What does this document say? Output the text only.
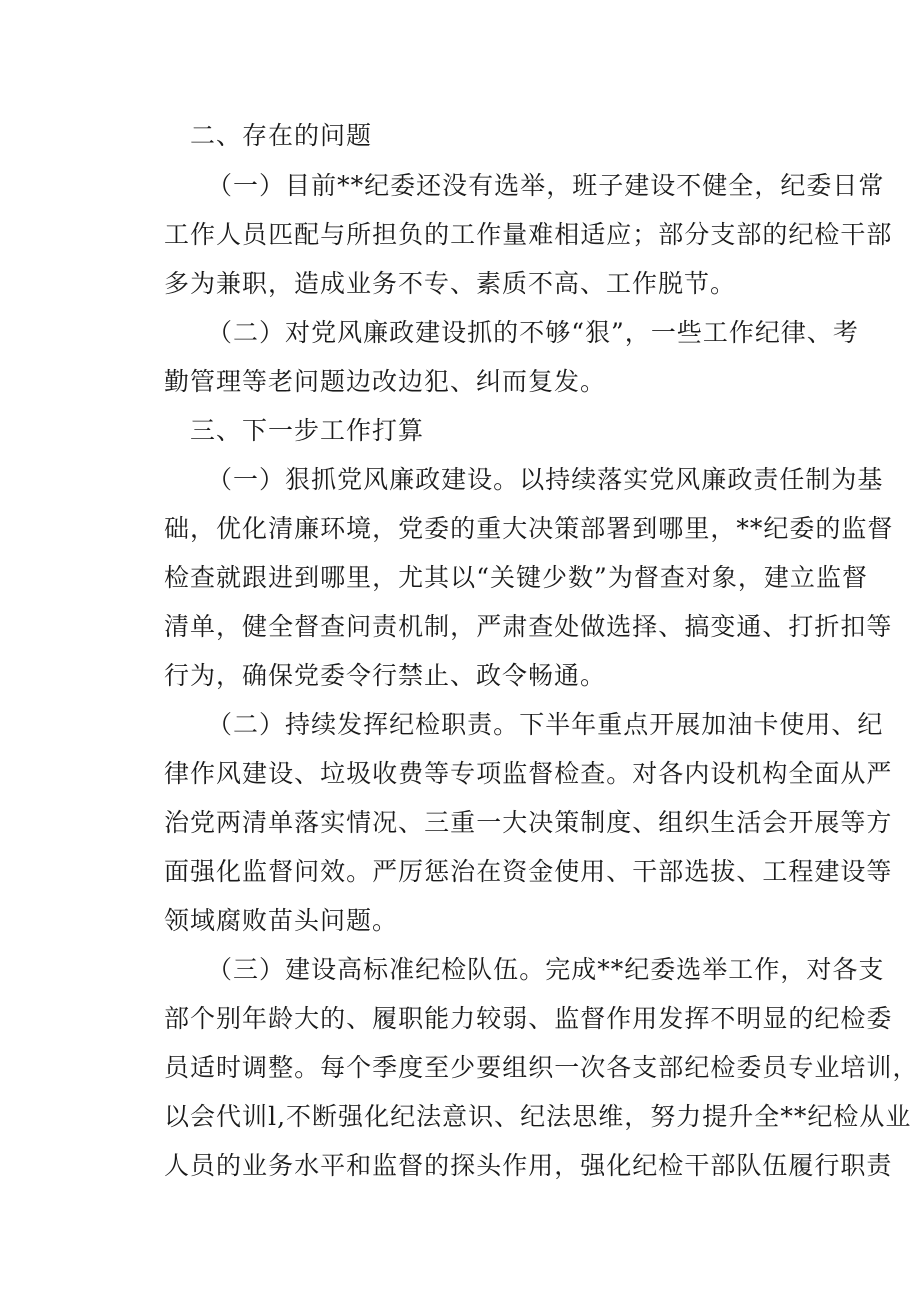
二、存在的问题
（ 一 ） 目 前 * * 纪 委 还 没 有 选 举 ， 班 子 建 设 不 健 全 ， 纪 委 日 常
工 作 人 员 匹 配 与 所 担 负 的 工 作 量 难 相 适 应 ； 部 分 支 部 的 纪 检 干 部
多为兼职，造成业务不专、素质不高、工作脱节。
（ 二 ） 对 党 风 廉 政 建 设 抓 的 不 够 “ 狠 ” ， 一 些 工 作 纪 律 、 考
勤管理等老问题边改边犯、纠而复发。
三、下一步工作打算
（ 一 ） 狠 抓 党 风 廉 政 建 设 。 以 持 续 落 实 党 风 廉 政 责 任 制 为 基
础 ， 优 化 清 廉 环 境 ， 党 委 的 重 大 决 策 部 署 到 哪 里 ， * * 纪 委 的 监 督
检 查 就 跟 进 到 哪 里 ， 尤 其 以 “ 关 键 少 数 ” 为 督 查 对 象 ， 建 立 监 督
清 单 ， 健 全 督 查 问 责 机 制 ， 严 肃 查 处 做 选 择 、 搞 变 通 、 打 折 扣 等
行为，确保党委令行禁止、政令畅通。
（ 二 ） 持 续 发 挥 纪 检 职 责 。 下 半 年 重 点 开 展 加 油 卡 使 用 、 纪
律 作 风 建 设 、 垃 圾 收 费 等 专 项 监 督 检 查 。 对 各 内 设 机 构 全 面 从 严
治 党 两 清 单 落 实 情 况 、 三 重 一 大 决 策 制 度 、 组 织 生 活 会 开 展 等 方
面 强 化 监 督 问 效 。 严 厉 惩 治 在 资 金 使 用 、 干 部 选 拔 、 工 程 建 设 等
领域腐败苗头问题。
（ 三 ） 建 设 高 标 准 纪 检 队 伍 。 完 成 * * 纪 委 选 举 工 作 ， 对 各 支
部 个 别 年 龄 大 的 、 履 职 能 力 较 弱 、 监 督 作 用 发 挥 不 明 显 的 纪 检 委
员 适 时 调 整 。 每 个 季 度 至 少 要 组 织 一 次 各 支 部 纪 检 委 员 专 业 培 训 ，
以 会 代 训 l , 不 断 强 化 纪 法 意 识 、 纪 法 思 维 ， 努 力 提 升 全 * * 纪 检 从 业
人 员 的 业 务 水 平 和 监 督 的 探 头 作 用 ， 强 化 纪 检 干 部 队 伍 履 行 职 责
